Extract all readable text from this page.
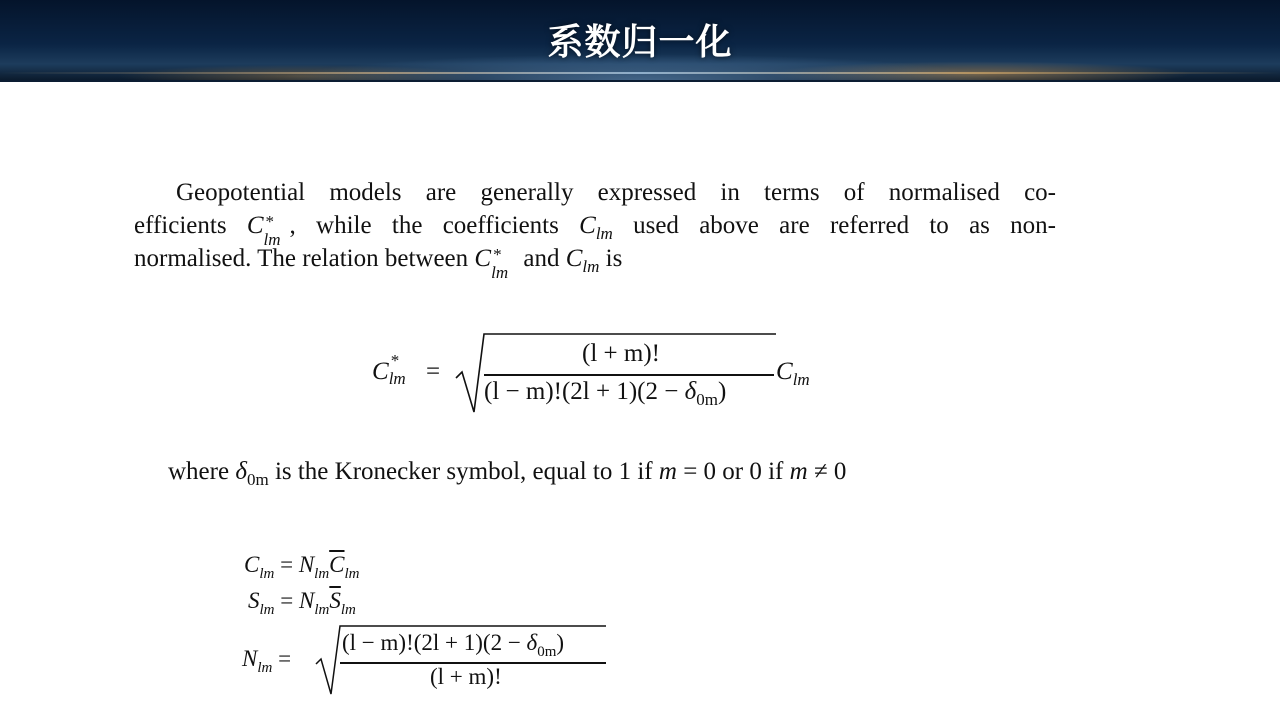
系数归一化
Geopotential models are generally expressed in terms of normalised co-
efficients C *
lm
, while the coefficients $C_{lm}$ used above are referred to as non-
normalised. The relation between C *
lm
and $C_{lm}$ is
C *
lm =
(l + m)!
$(l - m)!(2l + 1)(2 - \delta_{0m})$
$C_{lm}$
where $\delta_{0m}$ is the Kronecker symbol, equal to 1 if m = 0 or 0 if m ≠ 0
$C_{lm} = N_{lm}\overline{C}_{lm}$
$S_{lm} = N_{lm}\overline{S}_{lm}$
$N_{lm}$ =
$(l - m)!(2l + 1)(2 - \delta_{0m})$
(l + m)!
